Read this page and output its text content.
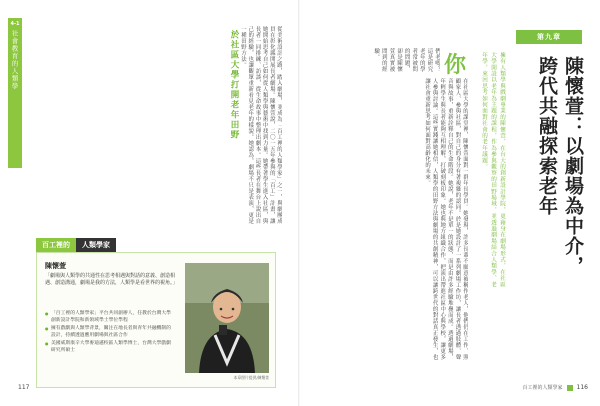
4-1
社會教育的人類學	從美術設計之路，踏入劇場，並成為「百工裡的人類學家」之一，與劇團成員在彰化縣開展長者劇場。陳懷萱說，二〇一五年參與的「百工」計畫，讓她開始思考自己如何從人類學與藝術中找到力量。她帶著學生進入社區，與長者一同排練、訪談，從生命故事中整理出劇本。這些長者在舞台上說出自己的經驗，也讓觀眾重新看見老年的樣貌。她認為，劇場不只是表演，更是一種田野方法。

於社區大學打開老年田野
百工裡的	人類學家
陳懷萱
「劇場與人類學的共通性在思考相遇與對話的意義、創造相遇、創造溝通，劇場是我的方法，人類學是看世界的視角。」
● 「百工裡的人類學家」平台共同創辦人，任教於台灣大學創新設計學院和新領域學士學位學程
● 擁有戲劇與人類學背景，關注在地長者與青年共融機制的設計，持續透過應用劇場與社區合作
● 美國威斯康辛大學麥迪遜校區人類學博士，台灣大學戲劇研究所碩士
本章照片提供/陳懷萱
117
第九章
陳懷萱：以劇場為中介，跨代共融探索老年
擁有人類學與戲劇專業的陳懷萱，在台大的創新設計學院，更藉身在劇場形式，在社區大學開設以老年為主題的課程，作為參與觀察的田野場域，並透過劇場結合人類學、老年學，來回思考如何面對社會的老年議題。
你

們老嗎？這是研究老年的學者常被問的問題，卻是陳懷萱真實被問到的經驗。

在社區大學的課堂裡，陳懷萱面對一群年長學員。她發現，許多長輩不願意被稱作老人，他們仍在工作、照顧家人、參與社區，對自己的身分有著複雜的認同。於是她設計了一系列劇場工作坊，讓長者透過肢體、聲音與故事，重新詮釋自己的生命階段。她說，老年不是單一的狀態，而是由許多經驗堆疊而成。透過劇場，年輕學生與長者能夠互相理解，打破刻板印象。她也與地方組織合作，把演出帶進社區中心與學校，讓更多人參與討論。這些實踐讓她相信，人類學的田野方法與劇場的共創精神，可以讓跨世代的對話真正發生，也讓社會重新思考如何面對高齡化的未來。

百工裡的人類學家 116
